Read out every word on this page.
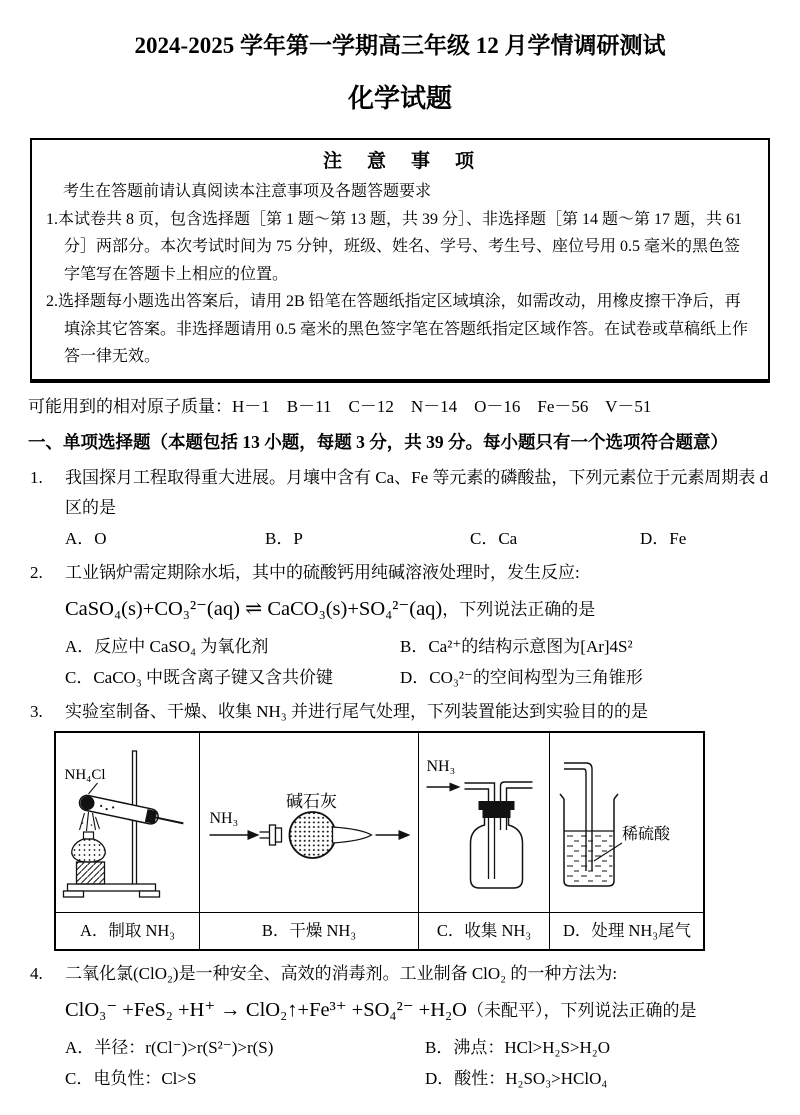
2024-2025 学年第一学期高三年级 12 月学情调研测试
化学试题
注　意　事　项
考生在答题前请认真阅读本注意事项及各题答题要求
1.本试卷共 8 页，包含选择题［第 1 题～第 13 题，共 39 分］、非选择题［第 14 题～第 17 题，共 61 分］两部分。本次考试时间为 75 分钟，班级、姓名、学号、考生号、座位号用 0.5 毫米的黑色签字笔写在答题卡上相应的位置。
2.选择题每小题选出答案后，请用 2B 铅笔在答题纸指定区域填涂，如需改动，用橡皮擦干净后，再填涂其它答案。非选择题请用 0.5 毫米的黑色签字笔在答题纸指定区域作答。在试卷或草稿纸上作答一律无效。
可能用到的相对原子质量：H－1    B－11    C－12    N－14    O－16    Fe－56    V－51
一、单项选择题（本题包括 13 小题，每题 3 分，共 39 分。每小题只有一个选项符合题意）
1.	我国探月工程取得重大进展。月壤中含有 Ca、Fe 等元素的磷酸盐，下列元素位于元素周期表 d 区的是
A．O	B．P	C．Ca	D．Fe
2.	工业锅炉需定期除水垢，其中的硫酸钙用纯碱溶液处理时，发生反应:
CaSO₄(s)+CO₃²⁻(aq) ⇌ CaCO₃(s)+SO₄²⁻(aq)，下列说法正确的是
A．反应中 CaSO₄ 为氧化剂	B．Ca²⁺的结构示意图为[Ar]4S²
C．CaCO₃ 中既含离子键又含共价键	D．CO₃²⁻的空间构型为三角锥形
3.	实验室制备、干燥、收集 NH₃ 并进行尾气处理，下列装置能达到实验目的的是
NH₄Cl
NH₃
碱石灰
NH₃
稀硫酸
A．制取 NH₃	B．干燥 NH₃	C．收集 NH₃	D．处理 NH₃尾气
4.	二氧化氯(ClO₂)是一种安全、高效的消毒剂。工业制备 ClO₂ 的一种方法为:
ClO₃⁻ +FeS₂ +H⁺ → ClO₂↑+Fe³⁺ +SO₄²⁻ +H₂O（未配平），下列说法正确的是
A．半径：r(Cl⁻)>r(S²⁻)>r(S)	B．沸点：HCl>H₂S>H₂O
C．电负性：Cl>S	D．酸性：H₂SO₃>HClO₄
